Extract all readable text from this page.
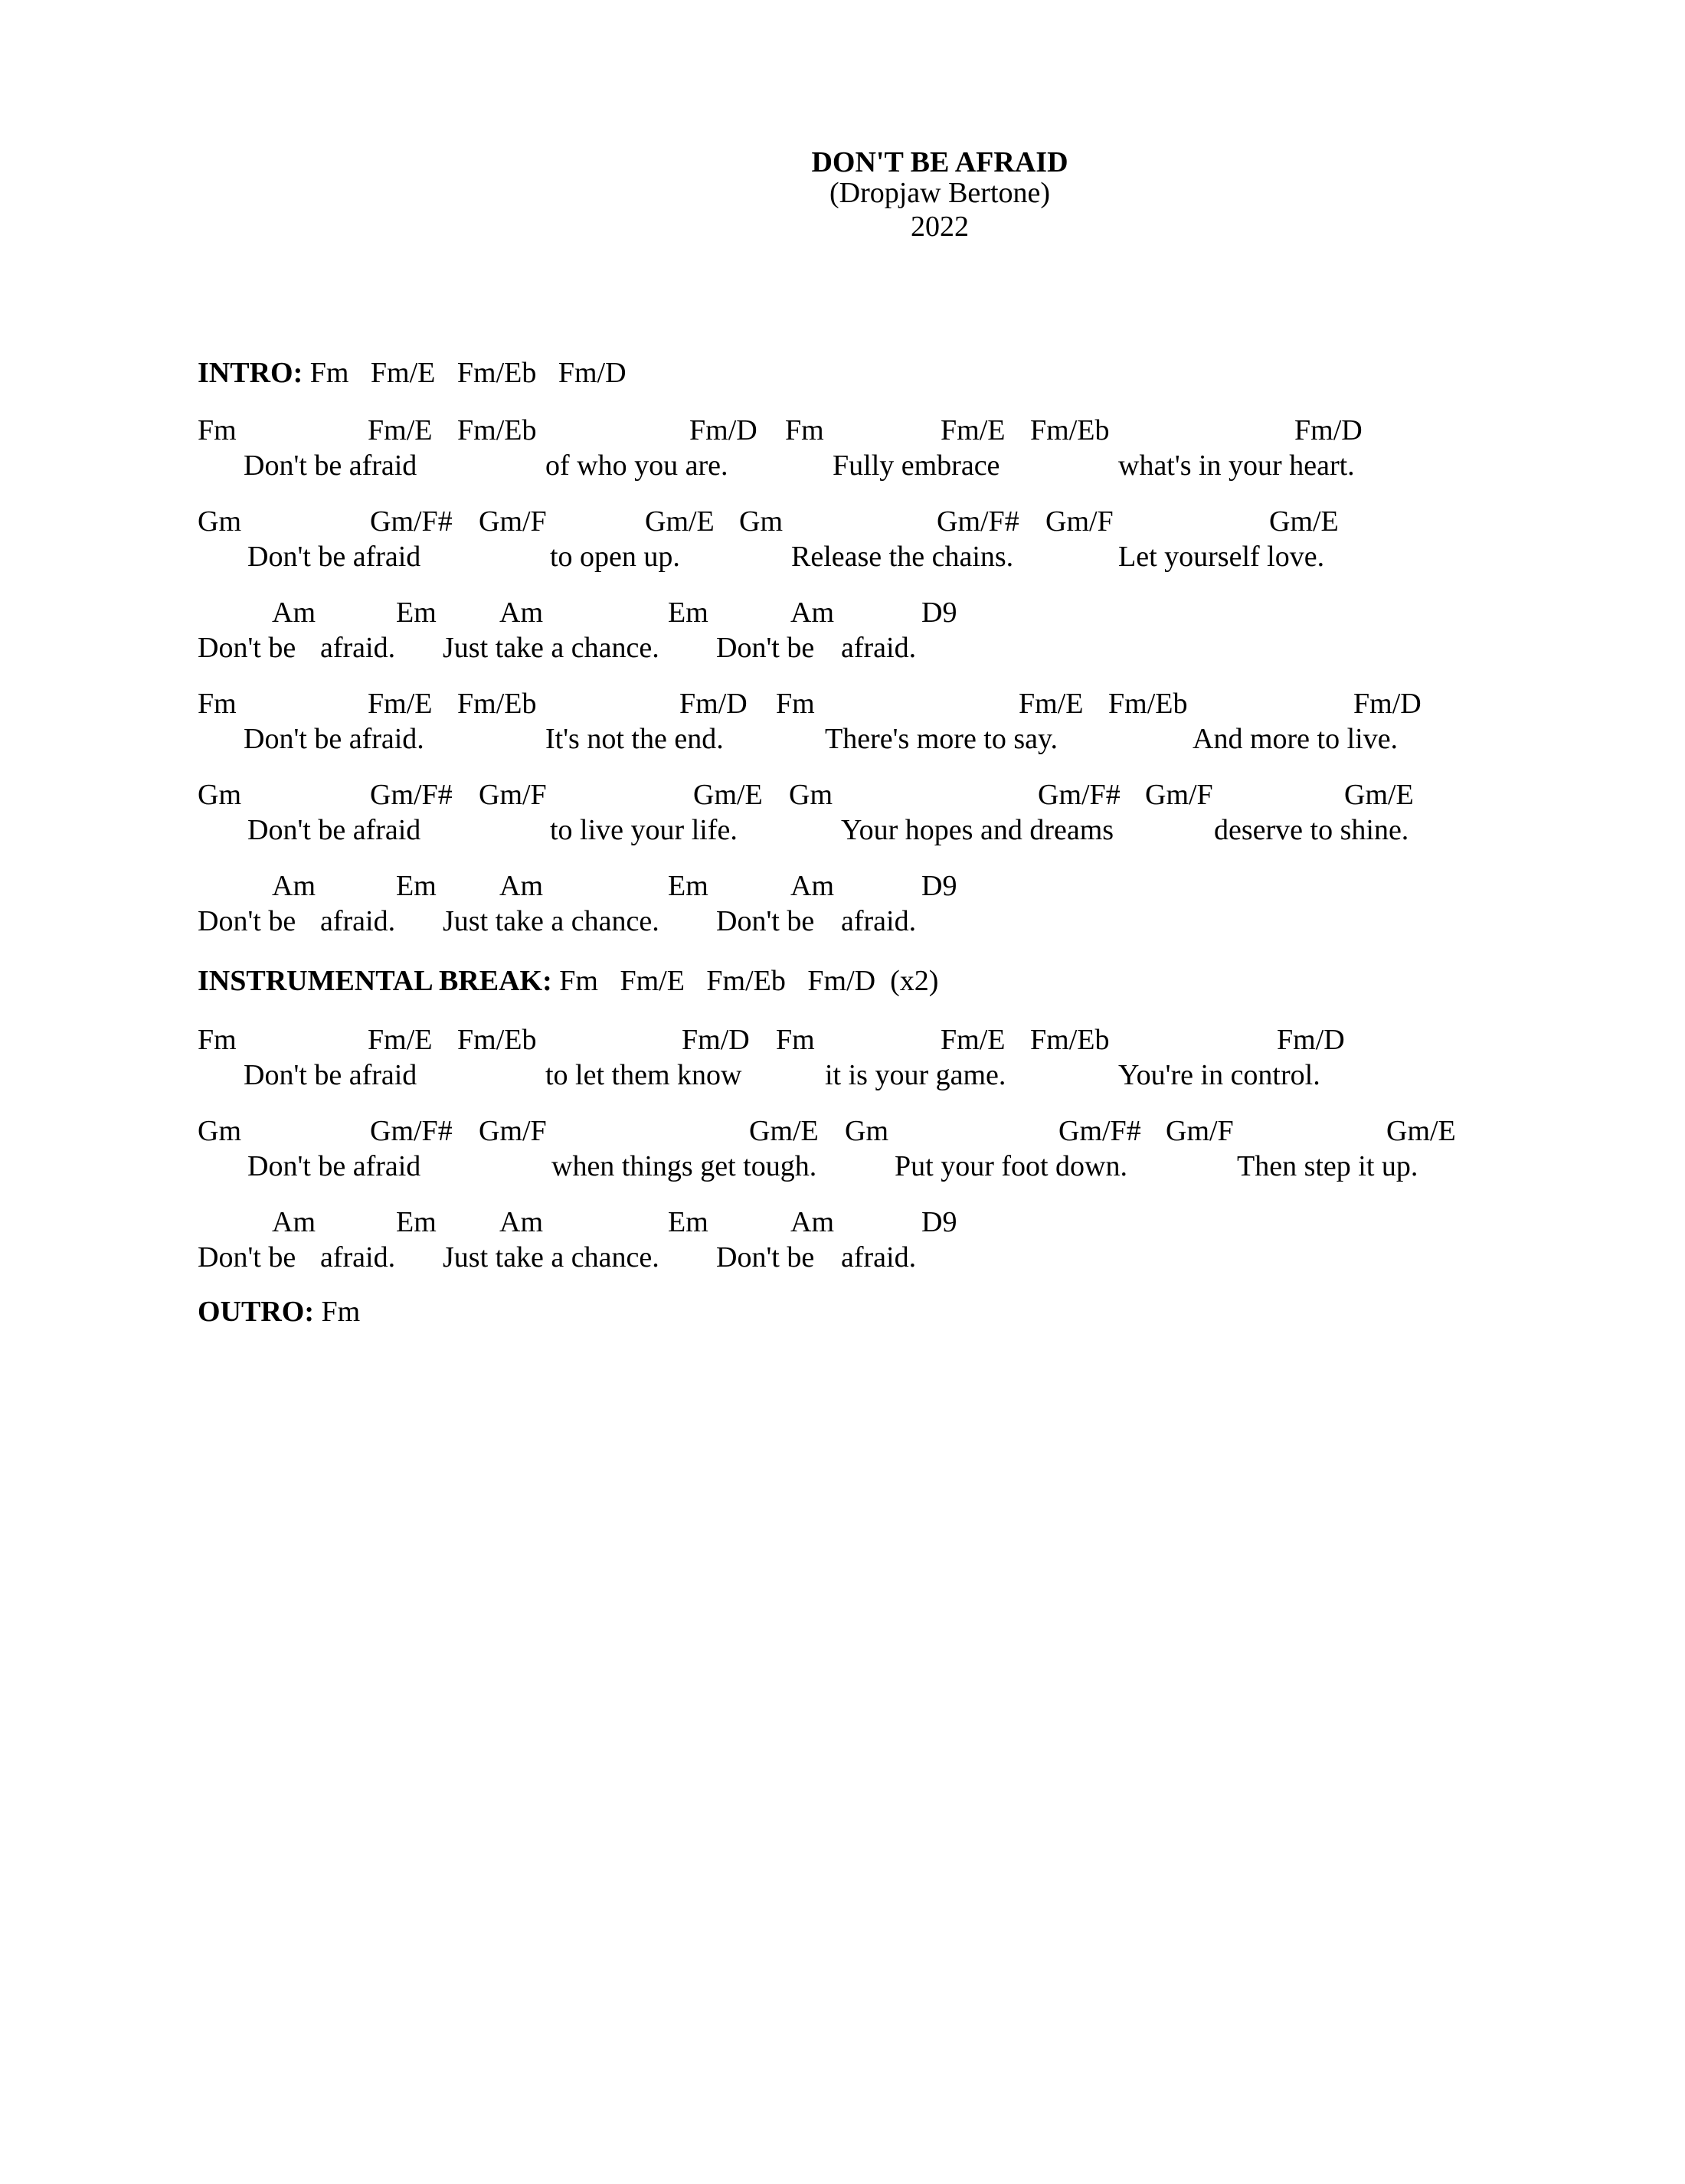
DON'T BE AFRAID
(Dropjaw Bertone)
2022
INTRO: Fm   Fm/E   Fm/Eb   Fm/D
Fm	Fm/E Fm/Eb	Fm/D Fm	Fm/E Fm/Eb	Fm/D
Don't be afraid	of who you are.	Fully embrace	what's in your heart.
Gm	Gm/F# Gm/F	Gm/E Gm	Gm/F# Gm/F	Gm/E
Don't be afraid	to open up.	Release the chains.	Let yourself love.
Am	Em Am	Em	Am	D9
Don't be afraid. Just take a chance. Don't be afraid.
Fm	Fm/E Fm/Eb	Fm/D Fm	Fm/E Fm/Eb	Fm/D
Don't be afraid.	It's not the end.	There's more to say.	And more to live.
Gm	Gm/F# Gm/F	Gm/E Gm	Gm/F# Gm/F	Gm/E
Don't be afraid	to live your life.	Your hopes and dreams	deserve to shine.
Am	Em Am	Em	Am	D9
Don't be afraid. Just take a chance. Don't be afraid.
INSTRUMENTAL BREAK: Fm   Fm/E   Fm/Eb   Fm/D  (x2)
Fm	Fm/E Fm/Eb	Fm/D Fm	Fm/E Fm/Eb	Fm/D
Don't be afraid	to let them know	it is your game.	You're in control.
Gm	Gm/F# Gm/F	Gm/E Gm	Gm/F# Gm/F	Gm/E
Don't be afraid	when things get tough.	Put your foot down.	Then step it up.
Am	Em Am	Em	Am	D9
Don't be afraid. Just take a chance. Don't be afraid.
OUTRO: Fm
